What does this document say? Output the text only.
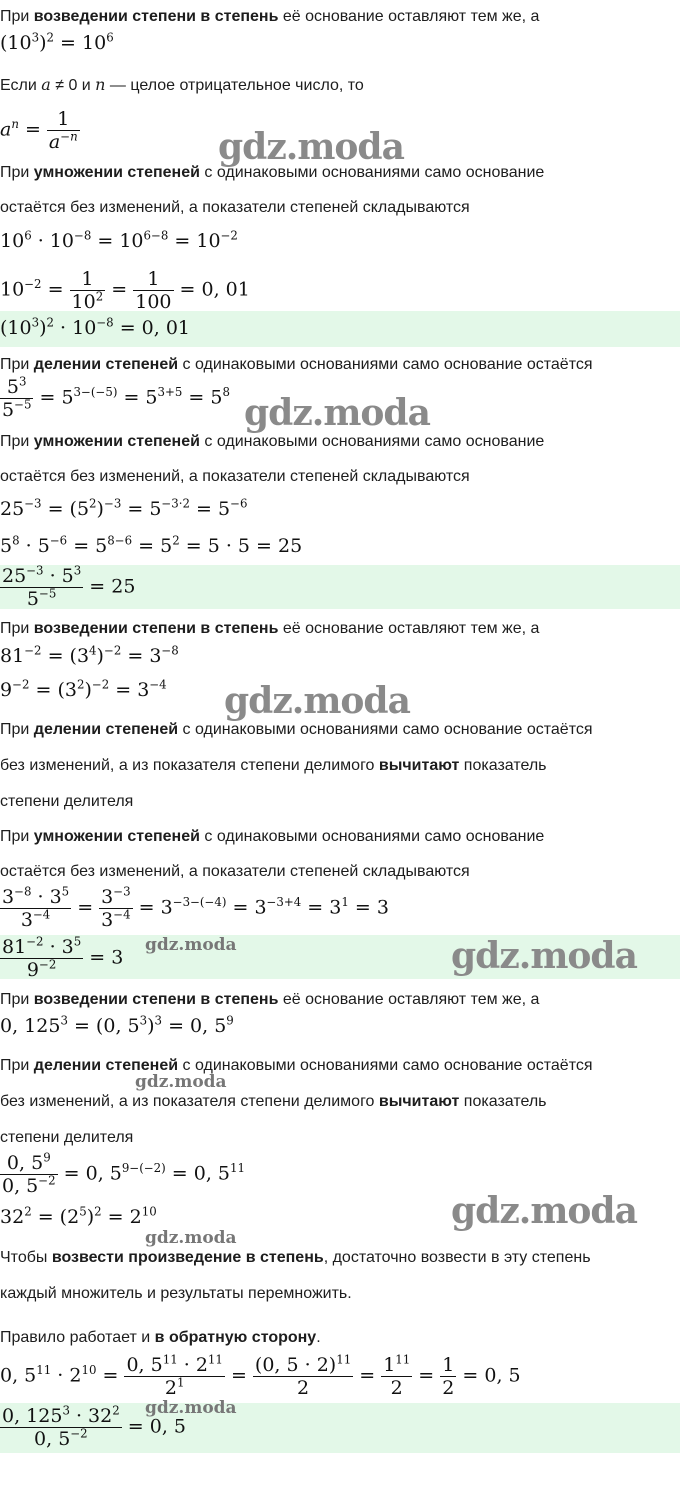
При возведении степени в степень её основание оставляют тем же, а
$(10^3)^2 = 10^6$
Если a ≠ 0 и n — целое отрицательное число, то
$a^n = \frac{1}{a^{-n}}$
При умножении степеней с одинаковыми основаниями само основание
остаётся без изменений, а показатели степеней складываются
$10^6 \cdot 10^{-8} = 10^{6-8} = 10^{-2}$
$10^{-2} = \frac{1}{10^2} = \frac{1}{100} = 0$, 01
$(10^3)^2 \cdot 10^{-8} = 0$, 01
При делении степеней с одинаковыми основаниями само основание остаётся
$\frac{5^3}{5^{-5}} = 5^{3-(-5)} = 5^{3+5} = 5^8$
При умножении степеней с одинаковыми основаниями само основание
остаётся без изменений, а показатели степеней складываются
$25^{-3} = (5^2)^{-3} = 5^{-3\cdot 2} = 5^{-6}$
$5^8 \cdot 5^{-6} = 5^{8-6} = 5^2 = 5 \cdot 5 = 25$
$\frac{25^{-3} \cdot 5^3}{5^{-5}} = 25$
При возведении степени в степень её основание оставляют тем же, а
$81^{-2} = (3^4)^{-2} = 3^{-8}$
$9^{-2} = (3^2)^{-2} = 3^{-4}$
При делении степеней с одинаковыми основаниями само основание остаётся
без изменений, а из показателя степени делимого вычитают показатель
степени делителя
При умножении степеней с одинаковыми основаниями само основание
остаётся без изменений, а показатели степеней складываются
$\frac{3^{-8} \cdot 3^5}{3^{-4}} = \frac{3^{-3}}{3^{-4}} = 3^{-3-(-4)} = 3^{-3+4} = 3^1 = 3$
$\frac{81^{-2} \cdot 3^5}{9^{-2}} = 3$
При возведении степени в степень её основание оставляют тем же, а
0, $125^3 = (0$, $5^3)^3 = 0$, $5^9$
При делении степеней с одинаковыми основаниями само основание остаётся
без изменений, а из показателя степени делимого вычитают показатель
степени делителя
$\frac{0, 5^9}{0, 5^{-2}} = 0$, $5^{9-(-2)} = 0$, $5^{11}$
$32^2 = (2^5)^2 = 2^{10}$
Чтобы возвести произведение в степень, достаточно возвести в эту степень
каждый множитель и результаты перемножить.
Правило работает и в обратную сторону.
0, $5^{11} \cdot 2^{10} = \frac{0, 5^{11} \cdot 2^{11}}{2^1} = \frac{(0, 5 \cdot 2)^{11}}{2} = \frac{1^{11}}{2} = \frac{1}{2} = 0$, 5
$\frac{0, 125^3 \cdot 32^2}{0, 5^{-2}} = 0$, 5
gdz.moda
gdz.moda
gdz.moda
gdz.moda
gdz.moda
gdz.moda
gdz.moda
gdz.moda
gdz.moda
